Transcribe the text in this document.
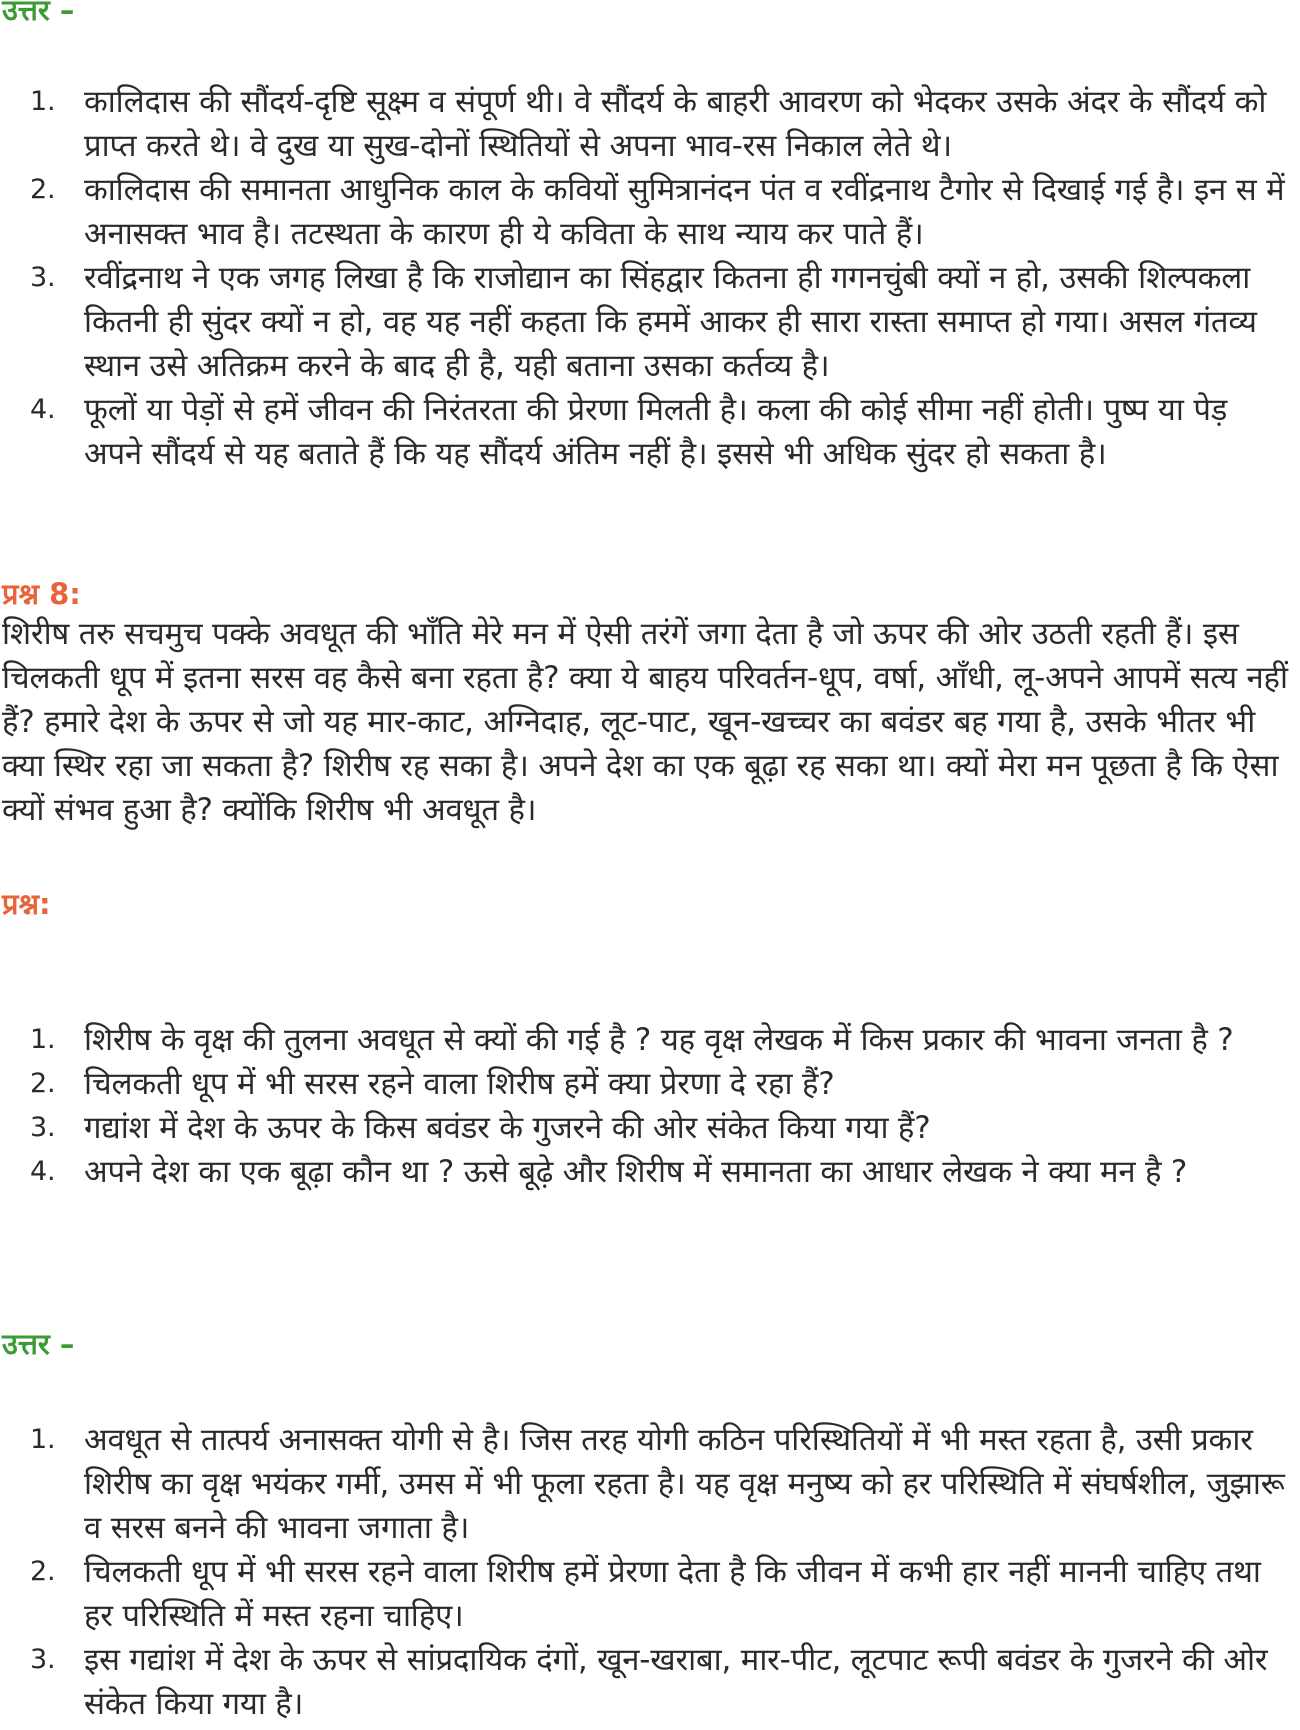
उत्तर –
1. कालिदास की सौंदर्य-दृष्टि सूक्ष्म व संपूर्ण थी। वे सौंदर्य के बाहरी आवरण को भेदकर उसके अंदर के सौंदर्य को प्राप्त करते थे। वे दुख या सुख-दोनों स्थितियों से अपना भाव-रस निकाल लेते थे।
2. कालिदास की समानता आधुनिक काल के कवियों सुमित्रानंदन पंत व रवींद्रनाथ टैगोर से दिखाई गई है। इन स में अनासक्त भाव है। तटस्थता के कारण ही ये कविता के साथ न्याय कर पाते हैं।
3. रवींद्रनाथ ने एक जगह लिखा है कि राजोद्यान का सिंहद्वार कितना ही गगनचुंबी क्यों न हो, उसकी शिल्पकला कितनी ही सुंदर क्यों न हो, वह यह नहीं कहता कि हममें आकर ही सारा रास्ता समाप्त हो गया। असल गंतव्य स्थान उसे अतिक्रम करने के बाद ही है, यही बताना उसका कर्तव्य है।
4. फूलों या पेड़ों से हमें जीवन की निरंतरता की प्रेरणा मिलती है। कला की कोई सीमा नहीं होती। पुष्प या पेड़ अपने सौंदर्य से यह बताते हैं कि यह सौंदर्य अंतिम नहीं है। इससे भी अधिक सुंदर हो सकता है।
प्रश्न 8:

शिरीष तरु सचमुच पक्के अवधूत की भाँति मेरे मन में ऐसी तरंगें जगा देता है जो ऊपर की ओर उठती रहती हैं। इस चिलकती धूप में इतना सरस वह कैसे बना रहता है? क्या ये बाहय परिवर्तन-धूप, वर्षा, आँधी, लू-अपने आपमें सत्य नहीं हैं? हमारे देश के ऊपर से जो यह मार-काट, अग्निदाह, लूट-पाट, खून-खच्चर का बवंडर बह गया है, उसके भीतर भी क्या स्थिर रहा जा सकता है? शिरीष रह सका है। अपने देश का एक बूढ़ा रह सका था। क्यों मेरा मन पूछता है कि ऐसा क्यों संभव हुआ है? क्योंकि शिरीष भी अवधूत है।

प्रश्न:
1. शिरीष के वृक्ष की तुलना अवधूत से क्यों की गई है ? यह वृक्ष लेखक में किस प्रकार की भावना जनता है ?
2. चिलकती धूप में भी सरस रहने वाला शिरीष हमें क्या प्रेरणा दे रहा हैं?
3. गद्यांश में देश के ऊपर के किस बवंडर के गुजरने की ओर संकेत किया गया हैं?
4. अपने देश का एक बूढ़ा कौन था ? ऊसे बूढ़े और शिरीष में समानता का आधार लेखक ने क्या मन है ?
उत्तर –
1. अवधूत से तात्पर्य अनासक्त योगी से है। जिस तरह योगी कठिन परिस्थितियों में भी मस्त रहता है, उसी प्रकार शिरीष का वृक्ष भयंकर गर्मी, उमस में भी फूला रहता है। यह वृक्ष मनुष्य को हर परिस्थिति में संघर्षशील, जुझारू व सरस बनने की भावना जगाता है।
2. चिलकती धूप में भी सरस रहने वाला शिरीष हमें प्रेरणा देता है कि जीवन में कभी हार नहीं माननी चाहिए तथा हर परिस्थिति में मस्त रहना चाहिए।
3. इस गद्यांश में देश के ऊपर से सांप्रदायिक दंगों, खून-खराबा, मार-पीट, लूटपाट रूपी बवंडर के गुजरने की ओर संकेत किया गया है।
